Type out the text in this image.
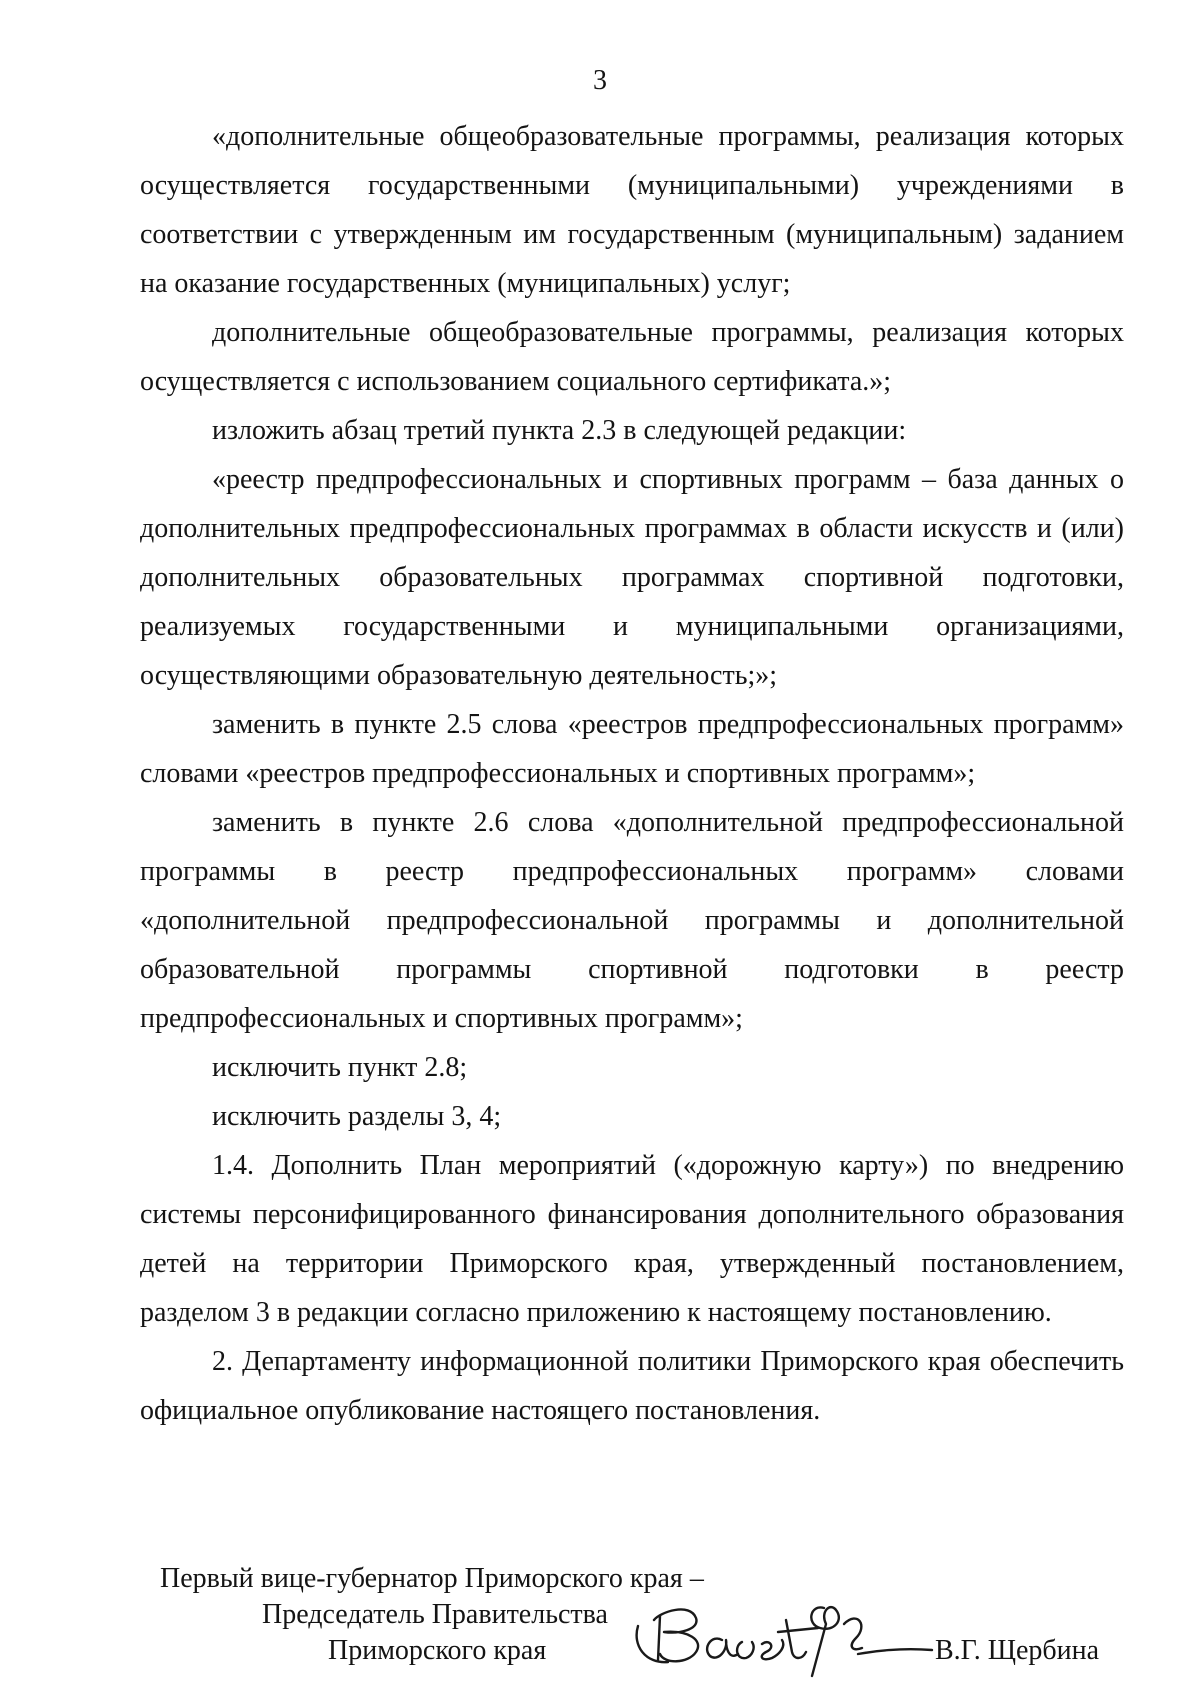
3

«дополнительные общеобразовательные программы, реализация которых осуществляется государственными (муниципальными) учреждениями в соответствии с утвержденным им государственным (муниципальным) заданием на оказание государственных (муниципальных) услуг;

дополнительные общеобразовательные программы, реализация которых осуществляется с использованием социального сертификата.»;

изложить абзац третий пункта 2.3 в следующей редакции:

«реестр предпрофессиональных и спортивных программ – база данных о дополнительных предпрофессиональных программах в области искусств и (или) дополнительных образовательных программах спортивной подготовки, реализуемых государственными и муниципальными организациями, осуществляющими образовательную деятельность;»;

заменить в пункте 2.5 слова «реестров предпрофессиональных программ» словами «реестров предпрофессиональных и спортивных программ»;

заменить в пункте 2.6 слова «дополнительной предпрофессиональной программы в реестр предпрофессиональных программ» словами «дополнительной предпрофессиональной программы и дополнительной образовательной программы спортивной подготовки в реестр предпрофессиональных и спортивных программ»;

исключить пункт 2.8;

исключить разделы 3, 4;

1.4. Дополнить План мероприятий («дорожную карту») по внедрению системы персонифицированного финансирования дополнительного образования детей на территории Приморского края, утвержденный постановлением, разделом 3 в редакции согласно приложению к настоящему постановлению.

2. Департаменту информационной политики Приморского края обеспечить официальное опубликование настоящего постановления.

Первый вице-губернатор Приморского края –
Председатель Правительства
Приморского края	В.Г. Щербина
